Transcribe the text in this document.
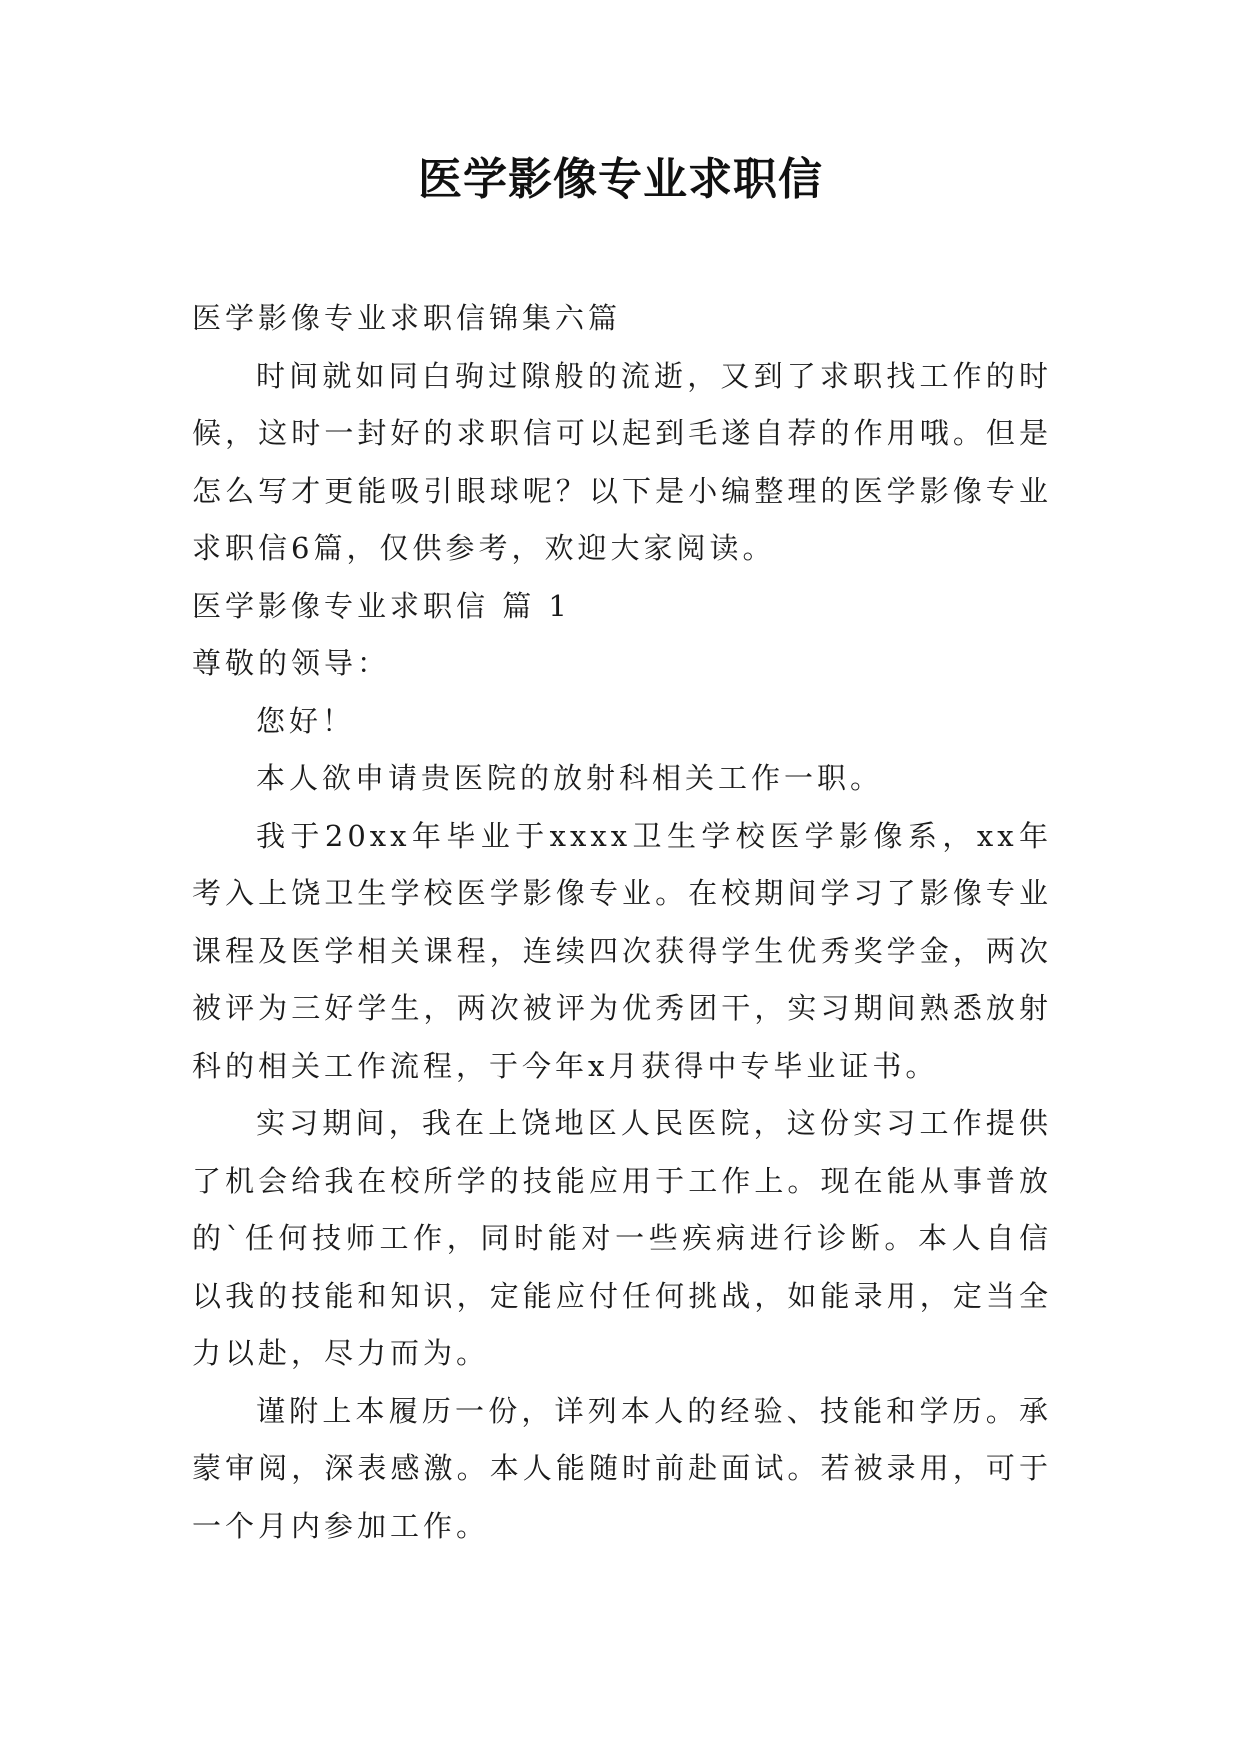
医学影像专业求职信

医学影像专业求职信锦集六篇

时间就如同白驹过隙般的流逝，又到了求职找工作的时候，这时一封好的求职信可以起到毛遂自荐的作用哦。但是怎么写才更能吸引眼球呢？以下是小编整理的医学影像专业求职信6篇，仅供参考，欢迎大家阅读。

医学影像专业求职信 篇 1

尊敬的领导：

您好！

本人欲申请贵医院的放射科相关工作一职。

我于20xx年毕业于xxxx卫生学校医学影像系，xx年考入上饶卫生学校医学影像专业。在校期间学习了影像专业课程及医学相关课程，连续四次获得学生优秀奖学金，两次被评为三好学生，两次被评为优秀团干，实习期间熟悉放射科的相关工作流程，于今年x月获得中专毕业证书。

实习期间，我在上饶地区人民医院，这份实习工作提供了机会给我在校所学的技能应用于工作上。现在能从事普放的`任何技师工作，同时能对一些疾病进行诊断。本人自信以我的技能和知识，定能应付任何挑战，如能录用，定当全力以赴，尽力而为。

谨附上本履历一份，详列本人的经验、技能和学历。承蒙审阅，深表感激。本人能随时前赴面试。若被录用，可于一个月内参加工作。
